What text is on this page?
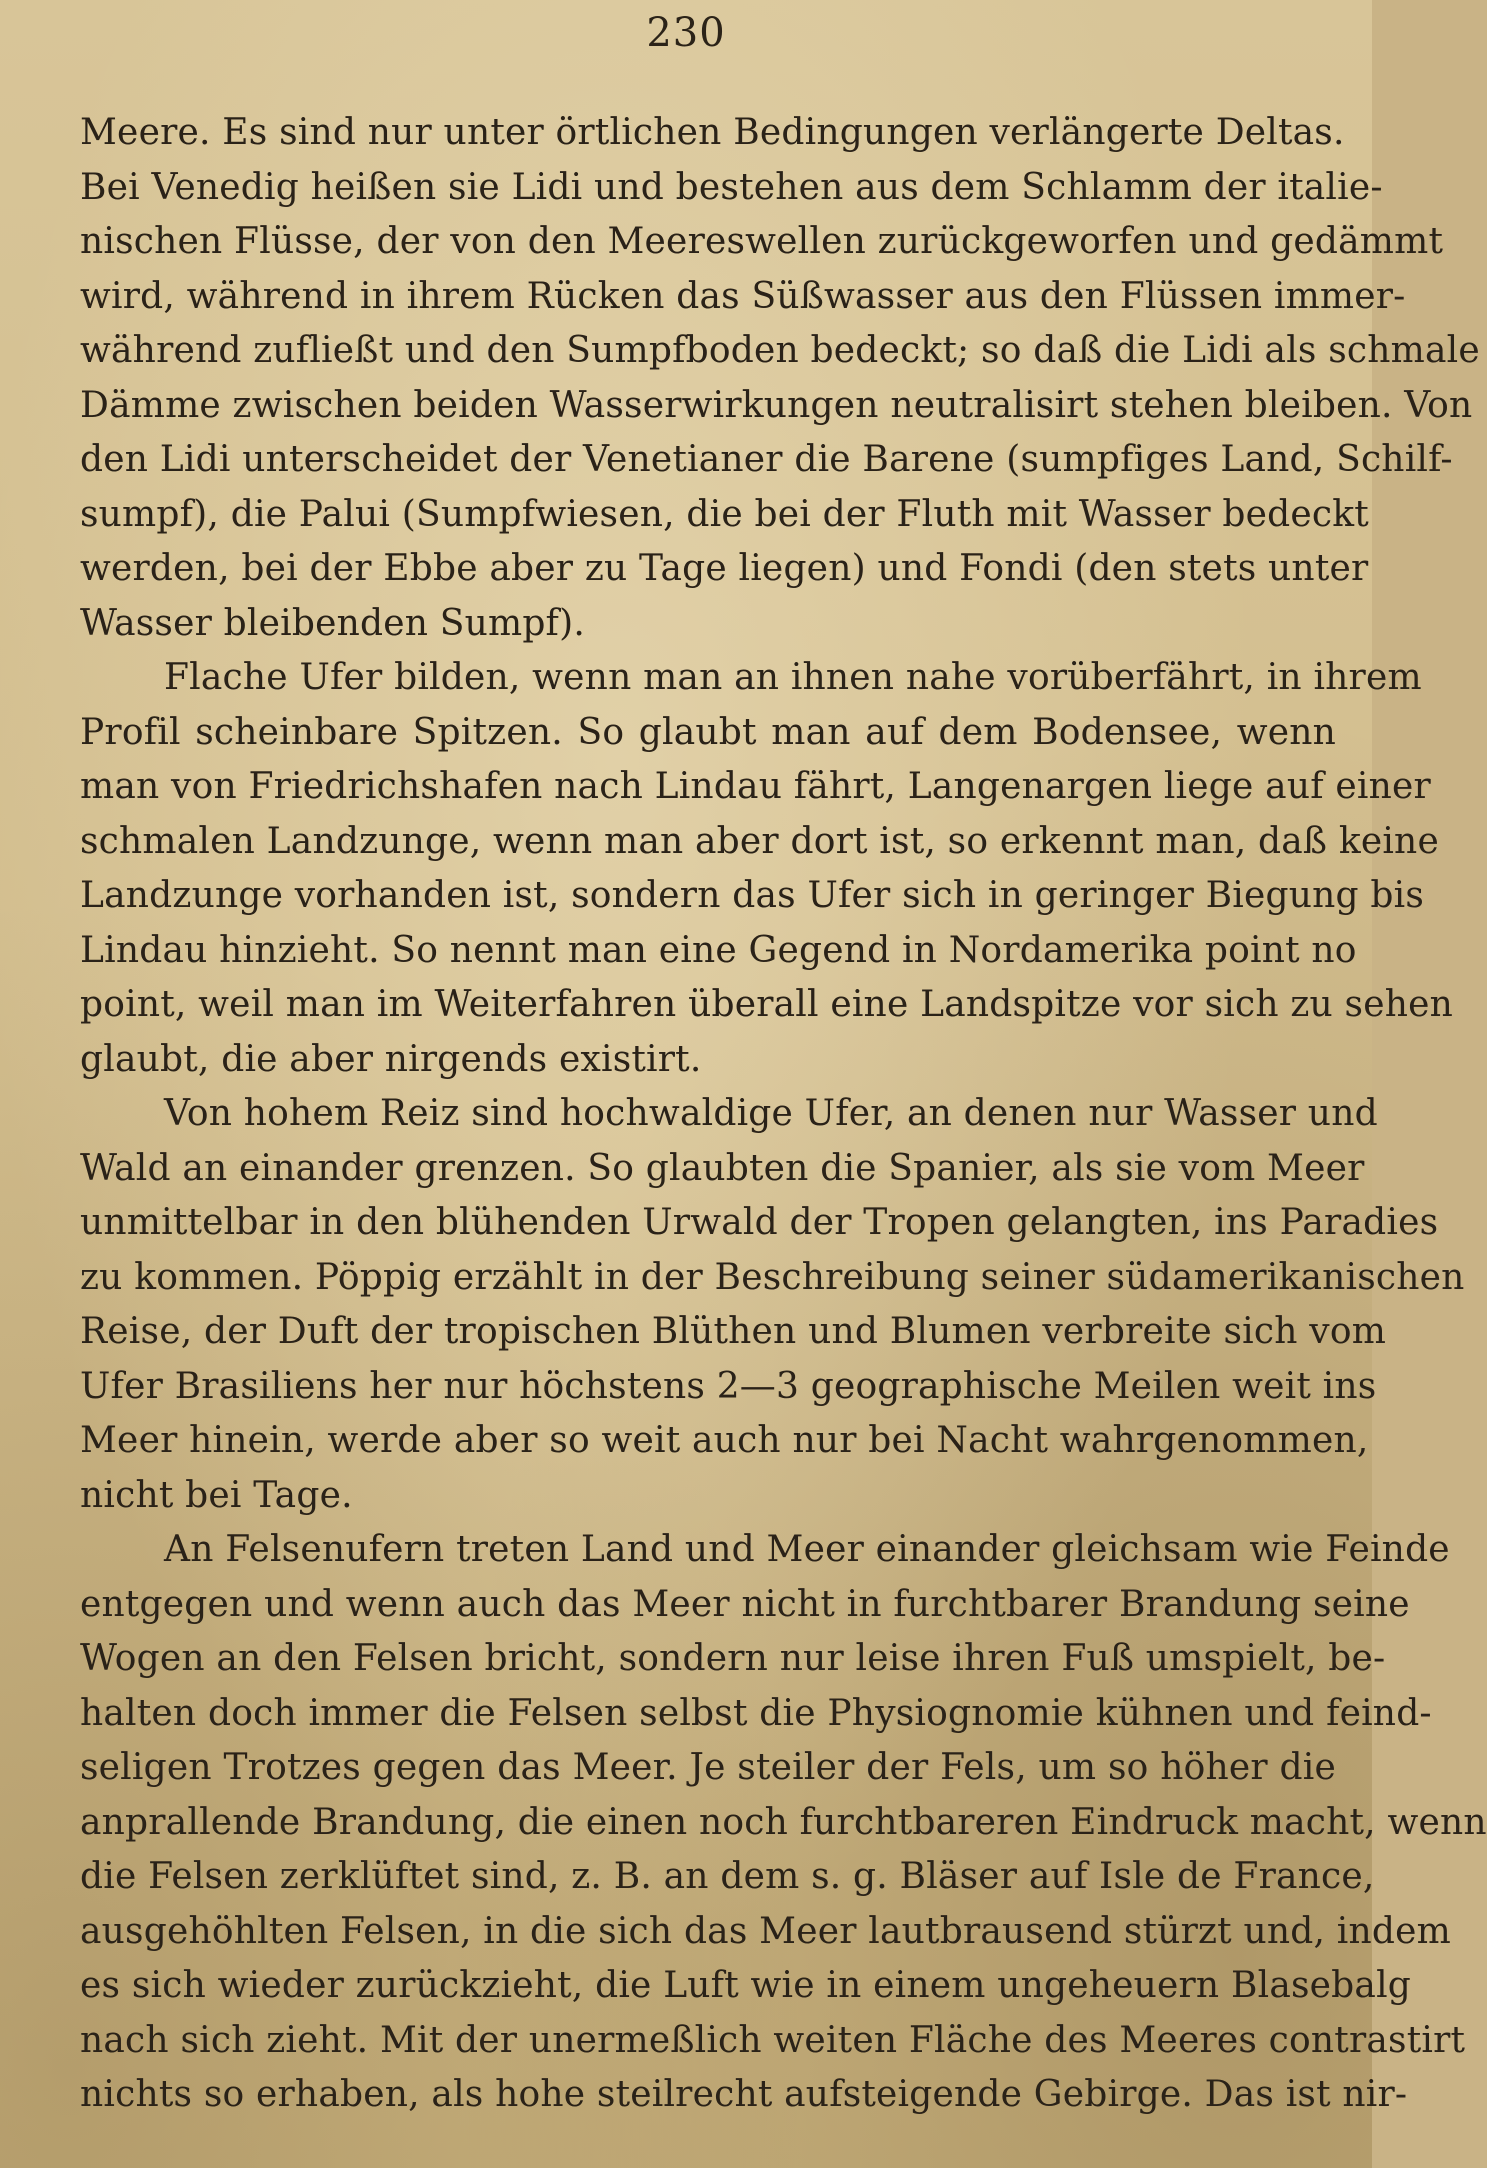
230
Meere. Es sind nur unter örtlichen Bedingungen verlängerte Deltas.
Bei Venedig heißen sie Lidi und bestehen aus dem Schlamm der italie-
nischen Flüsse, der von den Meereswellen zurückgeworfen und gedämmt
wird, während in ihrem Rücken das Süßwasser aus den Flüssen immer-
während zufließt und den Sumpfboden bedeckt; so daß die Lidi als schmale
Dämme zwischen beiden Wasserwirkungen neutralisirt stehen bleiben. Von
den Lidi unterscheidet der Venetianer die Barene (sumpfiges Land, Schilf-
sumpf), die Palui (Sumpfwiesen, die bei der Fluth mit Wasser bedeckt
werden, bei der Ebbe aber zu Tage liegen) und Fondi (den stets unter
Wasser bleibenden Sumpf).
Flache Ufer bilden, wenn man an ihnen nahe vorüberfährt, in ihrem
Profil scheinbare Spitzen. So glaubt man auf dem Bodensee, wenn
man von Friedrichshafen nach Lindau fährt, Langenargen liege auf einer
schmalen Landzunge, wenn man aber dort ist, so erkennt man, daß keine
Landzunge vorhanden ist, sondern das Ufer sich in geringer Biegung bis
Lindau hinzieht. So nennt man eine Gegend in Nordamerika point no
point, weil man im Weiterfahren überall eine Landspitze vor sich zu sehen
glaubt, die aber nirgends existirt.
Von hohem Reiz sind hochwaldige Ufer, an denen nur Wasser und
Wald an einander grenzen. So glaubten die Spanier, als sie vom Meer
unmittelbar in den blühenden Urwald der Tropen gelangten, ins Paradies
zu kommen. Pöppig erzählt in der Beschreibung seiner südamerikanischen
Reise, der Duft der tropischen Blüthen und Blumen verbreite sich vom
Ufer Brasiliens her nur höchstens 2—3 geographische Meilen weit ins
Meer hinein, werde aber so weit auch nur bei Nacht wahrgenommen,
nicht bei Tage.
An Felsenufern treten Land und Meer einander gleichsam wie Feinde
entgegen und wenn auch das Meer nicht in furchtbarer Brandung seine
Wogen an den Felsen bricht, sondern nur leise ihren Fuß umspielt, be-
halten doch immer die Felsen selbst die Physiognomie kühnen und feind-
seligen Trotzes gegen das Meer. Je steiler der Fels, um so höher die
anprallende Brandung, die einen noch furchtbareren Eindruck macht, wenn
die Felsen zerklüftet sind, z. B. an dem s. g. Bläser auf Isle de France,
ausgehöhlten Felsen, in die sich das Meer lautbrausend stürzt und, indem
es sich wieder zurückzieht, die Luft wie in einem ungeheuern Blasebalg
nach sich zieht. Mit der unermeßlich weiten Fläche des Meeres contrastirt
nichts so erhaben, als hohe steilrecht aufsteigende Gebirge. Das ist nir-
